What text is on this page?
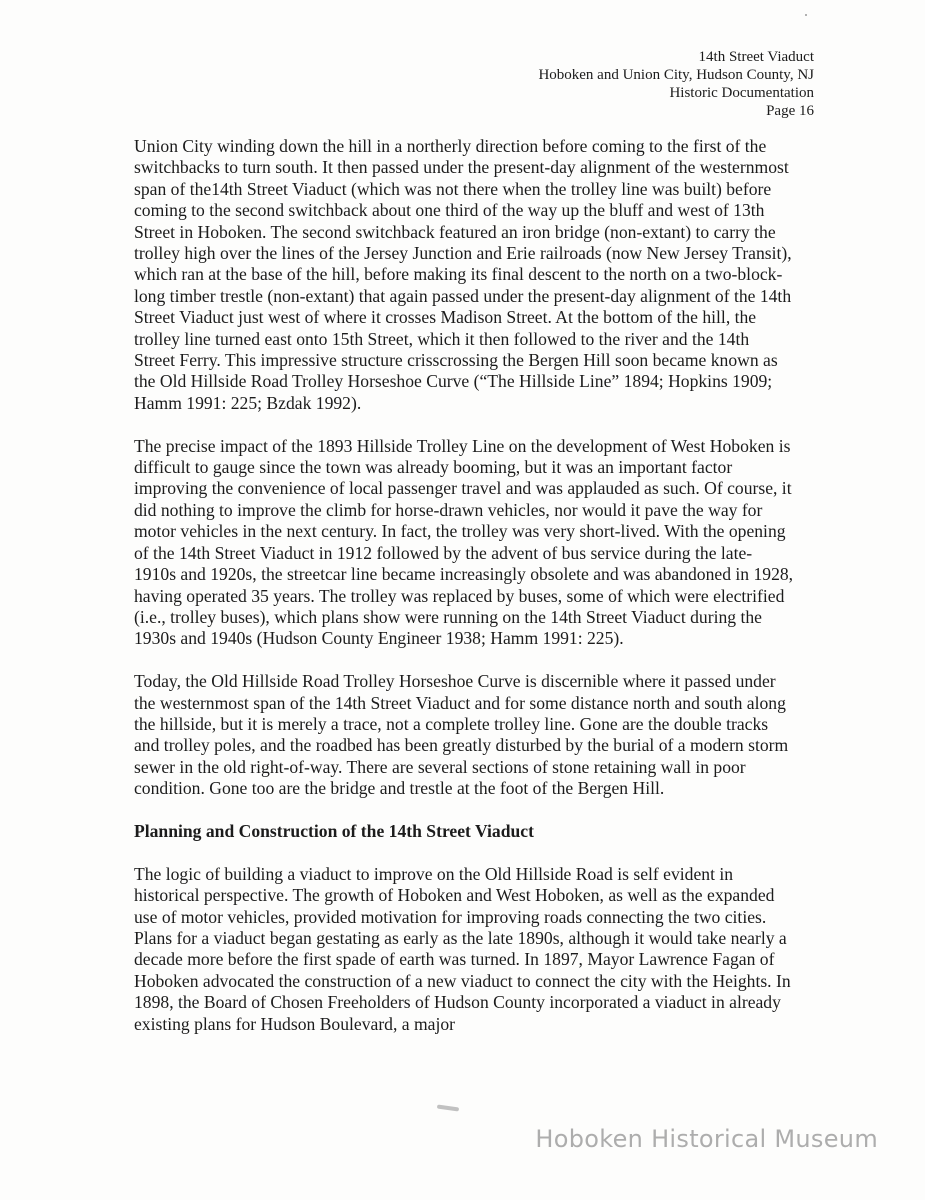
14th Street Viaduct
Hoboken and Union City, Hudson County, NJ
Historic Documentation
Page 16

Union City winding down the hill in a northerly direction before coming to the first of the switchbacks to turn south. It then passed under the present-day alignment of the westernmost span of the14th Street Viaduct (which was not there when the trolley line was built) before coming to the second switchback about one third of the way up the bluff and west of 13th Street in Hoboken. The second switchback featured an iron bridge (non-extant) to carry the trolley high over the lines of the Jersey Junction and Erie railroads (now New Jersey Transit), which ran at the base of the hill, before making its final descent to the north on a two-block-long timber trestle (non-extant) that again passed under the present-day alignment of the 14th Street Viaduct just west of where it crosses Madison Street. At the bottom of the hill, the trolley line turned east onto 15th Street, which it then followed to the river and the 14th Street Ferry. This impressive structure crisscrossing the Bergen Hill soon became known as the Old Hillside Road Trolley Horseshoe Curve (“The Hillside Line” 1894; Hopkins 1909; Hamm 1991: 225; Bzdak 1992).

The precise impact of the 1893 Hillside Trolley Line on the development of West Hoboken is difficult to gauge since the town was already booming, but it was an important factor improving the convenience of local passenger travel and was applauded as such. Of course, it did nothing to improve the climb for horse-drawn vehicles, nor would it pave the way for motor vehicles in the next century. In fact, the trolley was very short-lived. With the opening of the 14th Street Viaduct in 1912 followed by the advent of bus service during the late-1910s and 1920s, the streetcar line became increasingly obsolete and was abandoned in 1928, having operated 35 years. The trolley was replaced by buses, some of which were electrified (i.e., trolley buses), which plans show were running on the 14th Street Viaduct during the 1930s and 1940s (Hudson County Engineer 1938; Hamm 1991: 225).

Today, the Old Hillside Road Trolley Horseshoe Curve is discernible where it passed under the westernmost span of the 14th Street Viaduct and for some distance north and south along the hillside, but it is merely a trace, not a complete trolley line. Gone are the double tracks and trolley poles, and the roadbed has been greatly disturbed by the burial of a modern storm sewer in the old right-of-way. There are several sections of stone retaining wall in poor condition. Gone too are the bridge and trestle at the foot of the Bergen Hill.

Planning and Construction of the 14th Street Viaduct

The logic of building a viaduct to improve on the Old Hillside Road is self evident in historical perspective. The growth of Hoboken and West Hoboken, as well as the expanded use of motor vehicles, provided motivation for improving roads connecting the two cities. Plans for a viaduct began gestating as early as the late 1890s, although it would take nearly a decade more before the first spade of earth was turned. In 1897, Mayor Lawrence Fagan of Hoboken advocated the construction of a new viaduct to connect the city with the Heights. In 1898, the Board of Chosen Freeholders of Hudson County incorporated a viaduct in already existing plans for Hudson Boulevard, a major

Hoboken Historical Museum
